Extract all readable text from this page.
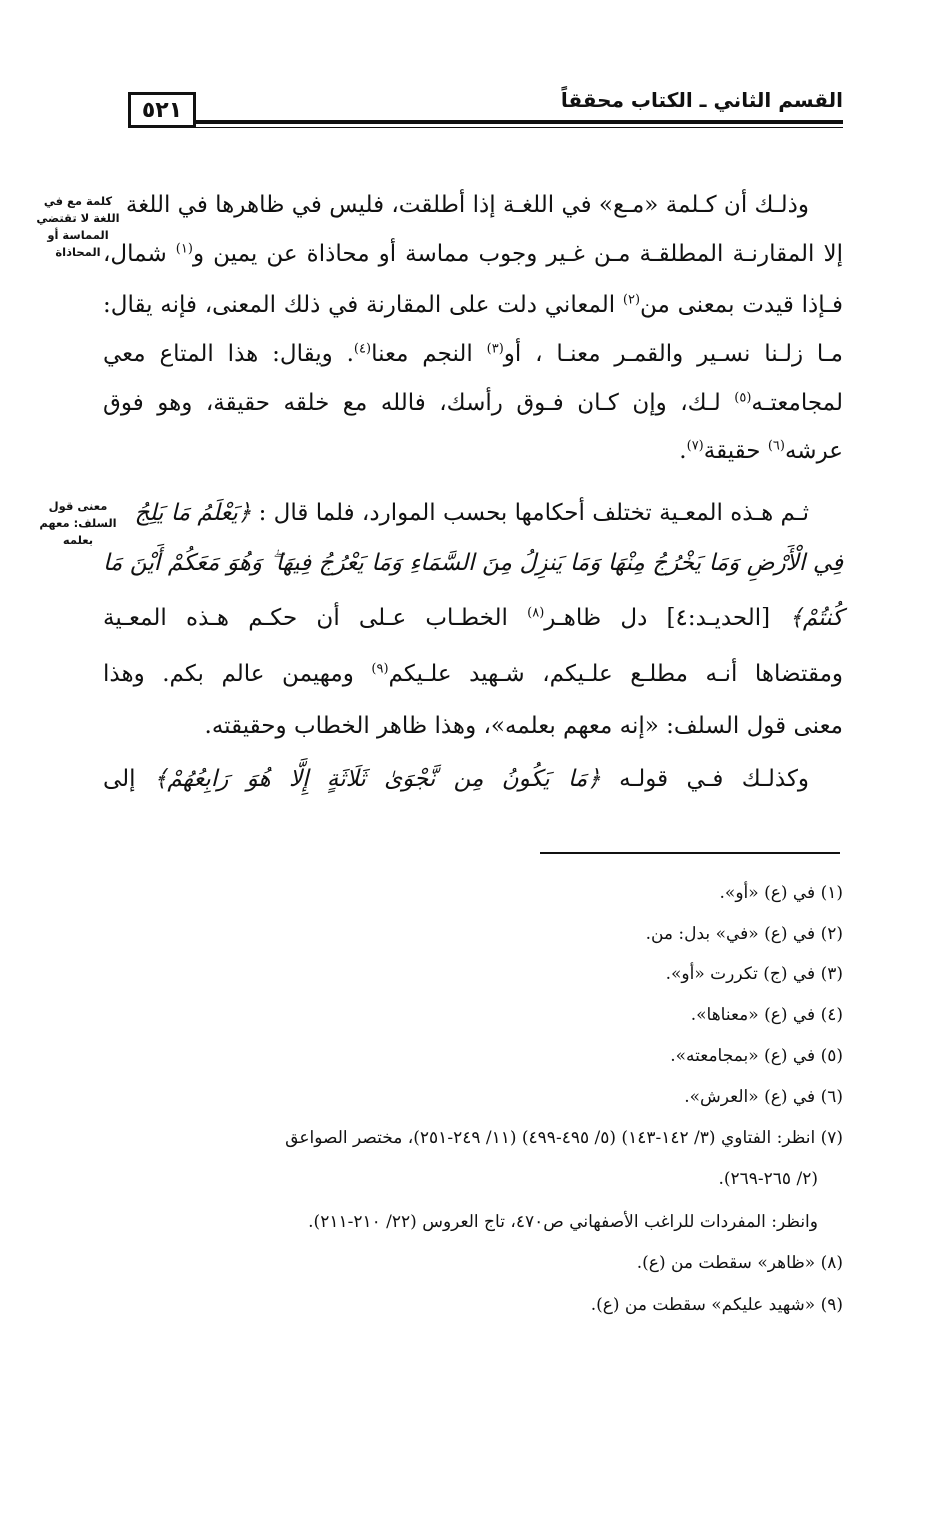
القسم الثاني ـ الكتاب محققاً
٥٢١
كلمة مع في اللغة لا تقتضي المماسة أو المحاذاة
معنى قول السلف: معهم بعلمه
وذلـك أن كـلمة «مـع» في اللغـة إذا أطلقت، فليس في ظاهرها في اللغة
إلا المقارنـة المطلقـة مـن غـير وجوب مماسة أو محاذاة عن يمين و$^{(١)}$ شمال،
فـإذا قيدت بمعنى من$^{(٢)}$ المعاني دلت على المقارنة في ذلك المعنى، فإنه يقال:
مـا زلـنا نسـير والقمـر معنـا ، أو$^{(٣)}$ النجم معنا$^{(٤)}$. ويقال: هذا المتاع معي
لمجامعتـه$^{(٥)}$ لـك، وإن كـان فـوق رأسك، فالله مع خلقه حقيقة، وهو فوق
عرشه$^{(٦)}$ حقيقة$^{(٧)}$.
ثـم هـذه المعـية تختلف أحكامها بحسب الموارد، فلما قال : ﴿يَعْلَمُ مَا يَلِجُ
فِي الْأَرْضِ وَمَا يَخْرُجُ مِنْهَا وَمَا يَنزِلُ مِنَ السَّمَاءِ وَمَا يَعْرُجُ فِيهَا ۖ وَهُوَ مَعَكُمْ أَيْنَ مَا
كُنتُمْ﴾ [الحديـد:٤] دل ظاهـر$^{(٨)}$ الخطـاب عـلى أن حكـم هـذه المعـية
ومقتضاها أنـه مطلـع علـيكم، شـهيد علـيكم$^{(٩)}$ ومهيمن عالم بكم. وهذا
معنى قول السلف: «إنه معهم بعلمه»، وهذا ظاهر الخطاب وحقيقته.
وكذلـك فـي قولـه ﴿مَا يَكُونُ مِن نَّجْوَىٰ ثَلَاثَةٍ إِلَّا هُوَ رَابِعُهُمْ﴾ إلى
(١) في (ع) «أو».
(٢) في (ع) «في» بدل: من.
(٣) في (ج) تكررت «أو».
(٤) في (ع) «معناها».
(٥) في (ع) «بمجامعته».
(٦) في (ع) «العرش».
(٧) انظر: الفتاوي (٣/ ١٤٢-١٤٣) (٥/ ٤٩٥-٤٩٩) (١١/ ٢٤٩-٢٥١)، مختصر الصواعق
(٢/ ٢٦٥-٢٦٩).
وانظر: المفردات للراغب الأصفهاني ص٤٧٠، تاج العروس (٢٢/ ٢١٠-٢١١).
(٨) «ظاهر» سقطت من (ع).
(٩) «شهيد عليكم» سقطت من (ع).
